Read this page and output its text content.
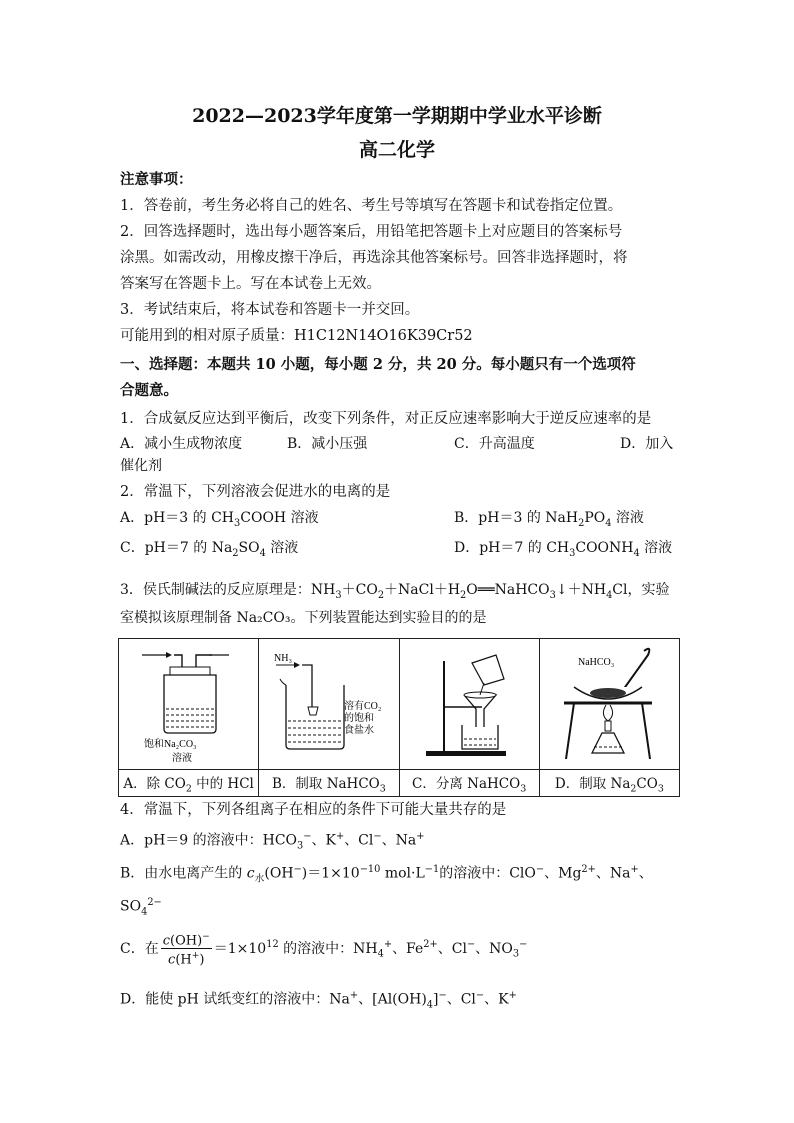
2022—2023学年度第一学期期中学业水平诊断
高二化学
注意事项：
1．答卷前，考生务必将自己的姓名、考生号等填写在答题卡和试卷指定位置。
2．回答选择题时，选出每小题答案后，用铅笔把答题卡上对应题目的答案标号
涂黑。如需改动，用橡皮擦干净后，再选涂其他答案标号。回答非选择题时，将
答案写在答题卡上。写在本试卷上无效。
3．考试结束后，将本试卷和答题卡一并交回。
可能用到的相对原子质量：H1C12N14O16K39Cr52
一、选择题：本题共 10 小题，每小题 2 分，共 20 分。每小题只有一个选项符
合题意。
1．合成氨反应达到平衡后，改变下列条件，对正反应速率影响大于逆反应速率的是
A．减小生成物浓度	B．减小压强	C．升高温度	D．加入
催化剂
2．常温下，下列溶液会促进水的电离的是
A．pH＝3 的 $CH_3COOH$ 溶液	B．pH＝3 的 $NaH_2PO_4$ 溶液
C．pH＝7 的 $Na_2SO_4$ 溶液	D．pH＝7 的 $CH_3COONH_4$ 溶液
3．侯氏制碱法的反应原理是：$NH_3+CO_2+NaCl+H_2O══NaHCO_3↓+NH_4Cl$，实验
室模拟该原理制备 Na₂CO₃。下列装置能达到实验目的的是
饱和Na₂CO₃
溶液	NH₃
溶有CO₂
的饱和
食盐水		NaHCO₃

A．除 $CO_2$ 中的 HCl	B．制取 NaHCO$_3$	C．分离 NaHCO$_3$	D．制取 $Na_2CO_3$
4．常温下，下列各组离子在相应的条件下可能大量共存的是
A．pH＝9 的溶液中：$HCO_3^-$、K+、Cl−、Na+
B．由水电离产生的 $c_水(OH^-)=1\times 10^{-10}$ $mol\cdot L^{-1}$的溶液中：ClO−、$Mg^{2+}$、Na+、
$SO_4^{2-}$
C．在 $\frac{c(OH)^-}{c(H^+)} =1\times 10^{12}$ 的溶液中：$NH_4^+$、$Fe^{2+}$、Cl−、$NO_3^-$
D．能使 pH 试纸变红的溶液中：Na+、$[Al(OH)_4]^-$、Cl−、K+
